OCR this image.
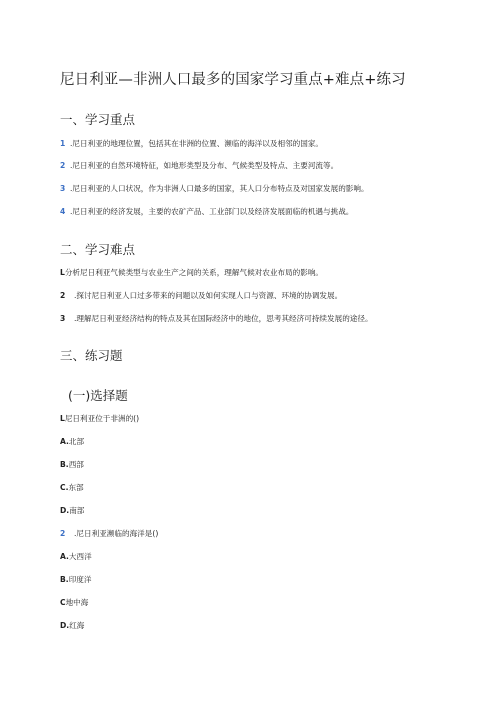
尼日利亚—非洲人口最多的国家学习重点+难点+练习
一、学习重点
1 .尼日利亚的地理位置，包括其在非洲的位置、濒临的海洋以及相邻的国家。
2 .尼日利亚的自然环境特征，如地形类型及分布、气候类型及特点、主要河流等。
3 .尼日利亚的人口状况，作为非洲人口最多的国家，其人口分布特点及对国家发展的影响。
4 .尼日利亚的经济发展，主要的农矿产品、工业部门以及经济发展面临的机遇与挑战。
二、学习难点
L分析尼日利亚气候类型与农业生产之间的关系，理解气候对农业布局的影响。
2 .探讨尼日利亚人口过多带来的问题以及如何实现人口与资源、环境的协调发展。
3 .理解尼日利亚经济结构的特点及其在国际经济中的地位，思考其经济可持续发展的途径。
三、练习题
(一)选择题
L尼日利亚位于非洲的()
A.北部
B.西部
C.东部
D.南部
2 .尼日利亚濒临的海洋是()
A.大西洋
B.印度洋
C地中海
D.红海
